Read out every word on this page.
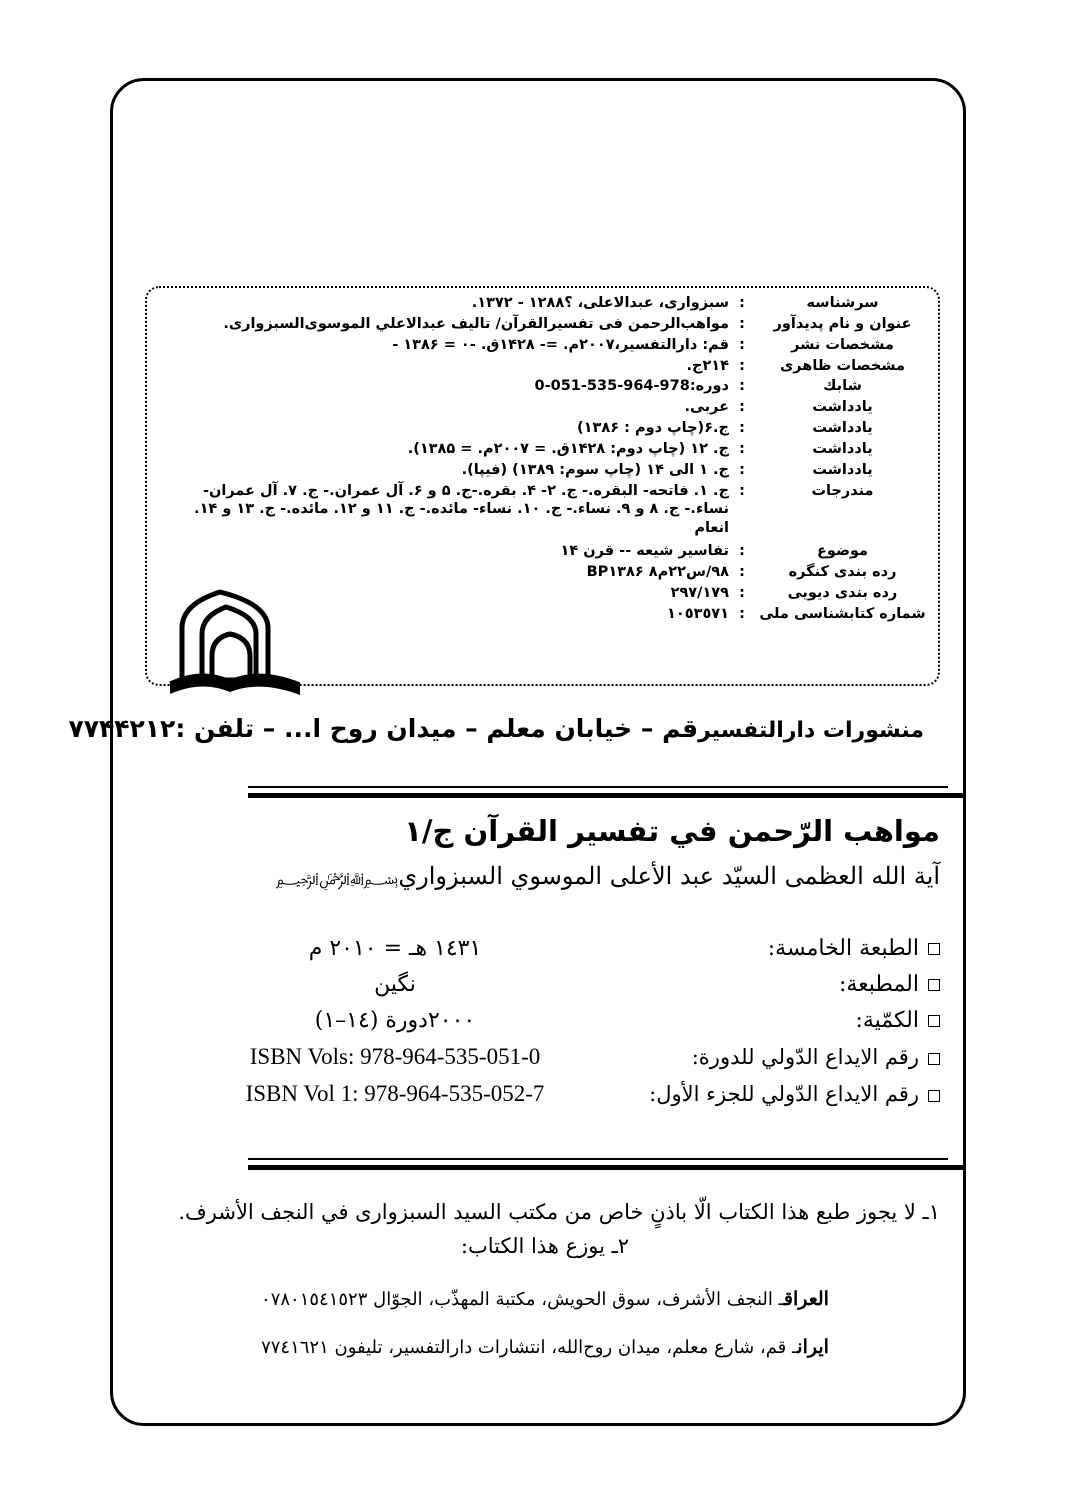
سرشناسه
:
سبزوارى، عبدالاعلى، ؟١٢٨٨ - ١٣٧٢.
عنوان و نام پديدآور
:
مواهب‌الرحمن فى تفسيرالقرآن/ تاليف عبدالاعلي الموسوى‌السبزوارى.
مشخصات نشر
:
قم: دارالتفسير،٢٠٠٧م. =- ١۴٢٨ق. -٠ = ١٣٨۶ -
مشخصات ظاهرى
:
٢١۴ج.
شابك
:
دوره:978-964-535-051-0
يادداشت
:
عربى.
يادداشت
:
ج.۶(چاپ دوم : ١٣٨۶)
يادداشت
:
ج. ١٢ (چاپ دوم: ١۴٢٨ق. = ٢٠٠٧م. = ١٣٨۵).
يادداشت
:
ج. ١ الى ١۴ (چاپ سوم: ١٣٨٩) (فيپا).
مندرجات
:
ج. ١. فاتحه- البقره.- ج. ٢- ۴. بقره.-ج. ۵ و ۶. آل عمران.- ج. ٧. آل عمران- نساء.- ج. ٨ و ٩. نساء.- ج. ١٠. نساء- مائده.- ج. ١١ و ١٢. مائده.- ج. ١٣ و ١۴. انعام
موضوع
:
تفاسير شيعه -- قرن ١۴
رده بندى كنگره
:
BP٩٨/س٢٢م٨ ١٣٨۶
رده بندى ديويى
:
٢٩٧/١٧٩
شماره كتابشناسى ملى
:
١٠٥٣٥٧١
منشورات دارالتفسيرقم – خيابان معلم – ميدان روح ا... – تلفن :٧٧۴۴٢١٢
مواهب الرّحمن في تفسير القرآن ج/١
آية الله العظمى السيّد عبد الأعلى الموسوي السبزواري﷽
الطبعة الخامسة:
١٤٣١ هـ = ٢٠١٠ م
المطبعة:
نگين
الكمّية:
٢٠٠٠دورة (١٤–١)
رقم الايداع الدّولي للدورة:
ISBN Vols: 978-964-535-051-0
رقم الايداع الدّولي للجزء الأول:
ISBN Vol 1: 978-964-535-052-7
١ـ لا يجوز طبع هذا الكتاب الّا باذنٍ خاص من مكتب السيد السبزوارى في النجف الأشرف.
٢ـ يوزع هذا الكتاب:
العراقـ النجف الأشرف، سوق الحويش، مكتبة المهذّب، الجوّال ٠٧٨٠١٥٤١٥٢٣
ايرانـ قم، شارع معلم، ميدان روح‌الله، انتشارات دارالتفسير، تليفون ٧٧٤١٦٢١
